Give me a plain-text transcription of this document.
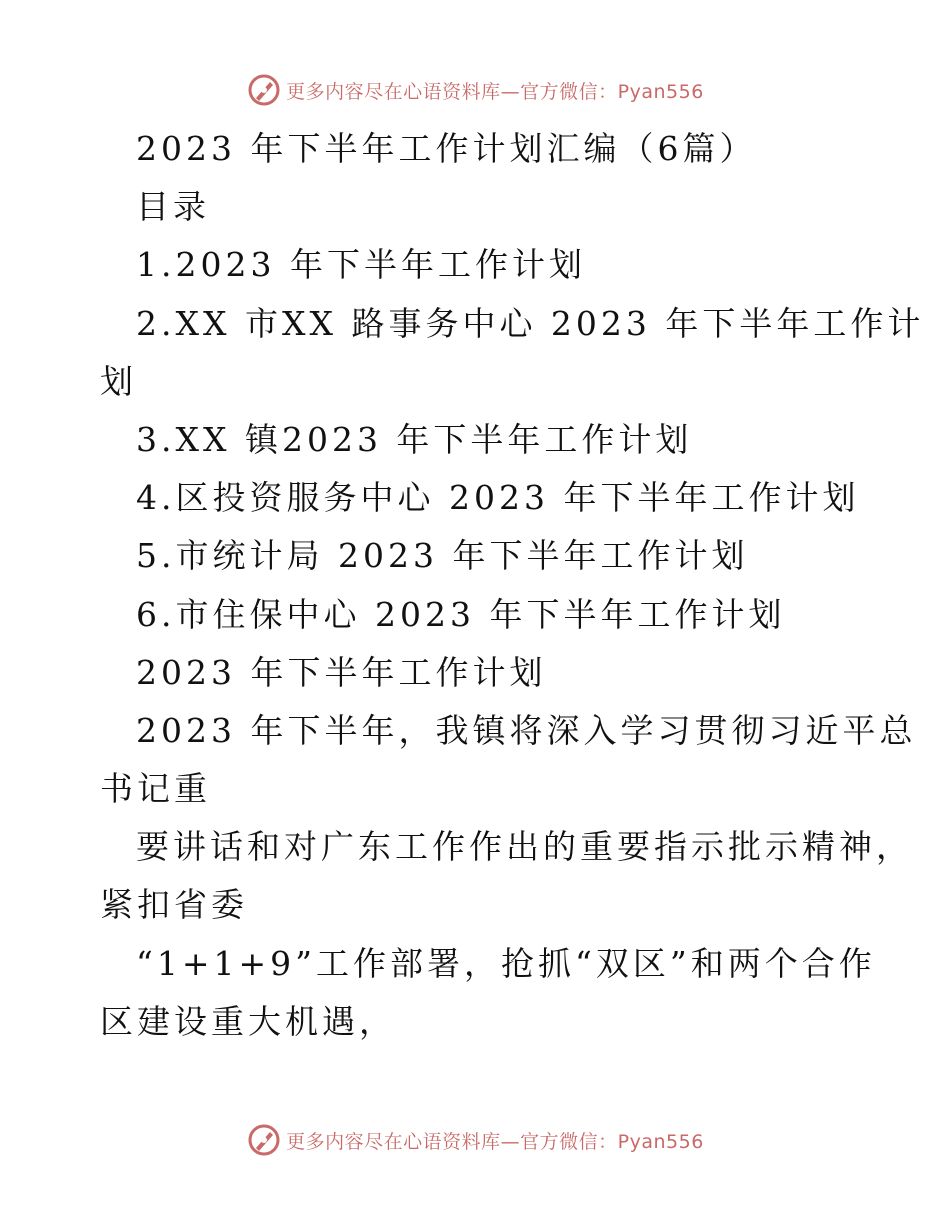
更多内容尽在心语资料库—官方微信：Pyan556
2023 年下半年工作计划汇编（6篇）
目录
1.2023 年下半年工作计划
2.XX 市XX 路事务中心 2023 年下半年工作计
划
3.XX 镇2023 年下半年工作计划
4.区投资服务中心 2023 年下半年工作计划
5.市统计局 2023 年下半年工作计划
6.市住保中心 2023 年下半年工作计划
2023 年下半年工作计划
2023 年下半年，我镇将深入学习贯彻习近平总
书记重
要讲话和对广东工作作出的重要指示批示精神，
紧扣省委
“1+1+9”工作部署，抢抓“双区”和两个合作
区建设重大机遇，
更多内容尽在心语资料库—官方微信：Pyan556
